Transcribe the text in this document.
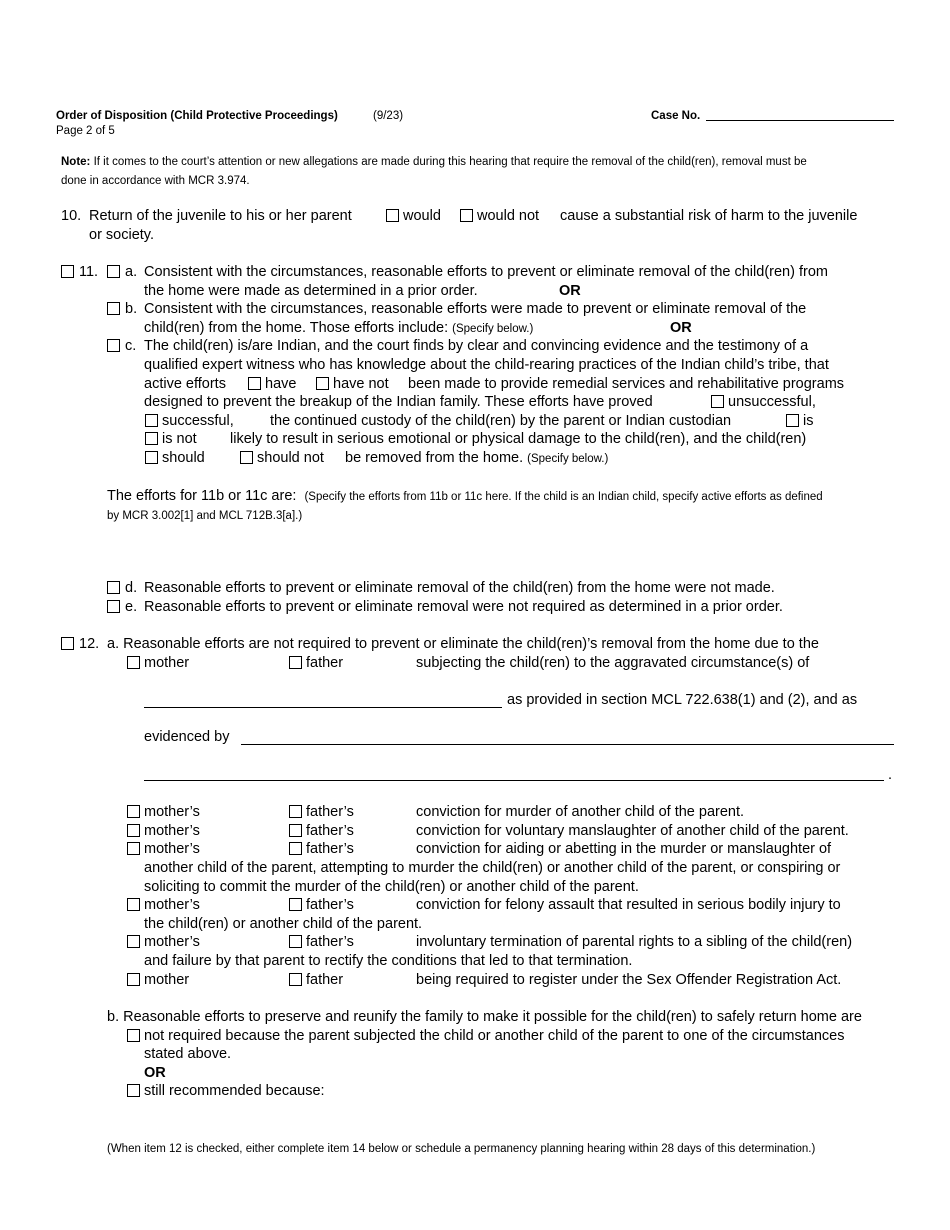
Order of Disposition (Child Protective Proceedings)	(9/23)
Page 2 of 5
Case No.
Note: If it comes to the court’s attention or new allegations are made during this hearing that require the removal of the child(ren), removal must be
done in accordance with MCR 3.974.
10. Return of the juvenile to his or her parent	would would not cause a substantial risk of harm to the juvenile
or society.
11. a. Consistent with the circumstances, reasonable efforts to prevent or eliminate removal of the child(ren) from
the home were made as determined in a prior order.	OR
b. Consistent with the circumstances, reasonable efforts were made to prevent or eliminate removal of the
child(ren) from the home. Those efforts include: (Specify below.)	OR
c. The child(ren) is/are Indian, and the court finds by clear and convincing evidence and the testimony of a
qualified expert witness who has knowledge about the child-rearing practices of the Indian child’s tribe, that
active efforts	have	have not been made to provide remedial services and rehabilitative programs
designed to prevent the breakup of the Indian family. These efforts have proved	unsuccessful,
successful,	the continued custody of the child(ren) by the parent or Indian custodian	is
is not likely to result in serious emotional or physical damage to the child(ren), and the child(ren)
should	should not be removed from the home. (Specify below.)
The efforts for 11b or 11c are: (Specify the efforts from 11b or 11c here. If the child is an Indian child, specify active efforts as defined
by MCR 3.002[1] and MCL 712B.3[a].)
d. Reasonable efforts to prevent or eliminate removal of the child(ren) from the home were not made.
e. Reasonable efforts to prevent or eliminate removal were not required as determined in a prior order.
12. a. Reasonable efforts are not required to prevent or eliminate the child(ren)’s removal from the home due to the
mother	father	subjecting the child(ren) to the aggravated circumstance(s) of
as provided in section MCL 722.638(1) and (2), and as
evidenced by
.
mother’s	father’s	conviction for murder of another child of the parent.
mother’s	father’s	conviction for voluntary manslaughter of another child of the parent.
mother’s	father’s	conviction for aiding or abetting in the murder or manslaughter of
another child of the parent, attempting to murder the child(ren) or another child of the parent, or conspiring or
soliciting to commit the murder of the child(ren) or another child of the parent.
mother’s	father’s	conviction for felony assault that resulted in serious bodily injury to
the child(ren) or another child of the parent.
mother’s	father’s	involuntary termination of parental rights to a sibling of the child(ren)
and failure by that parent to rectify the conditions that led to that termination.
mother	father	being required to register under the Sex Offender Registration Act.
b. Reasonable efforts to preserve and reunify the family to make it possible for the child(ren) to safely return home are
not required because the parent subjected the child or another child of the parent to one of the circumstances
stated above.
OR
still recommended because:
(When item 12 is checked, either complete item 14 below or schedule a permanency planning hearing within 28 days of this determination.)
